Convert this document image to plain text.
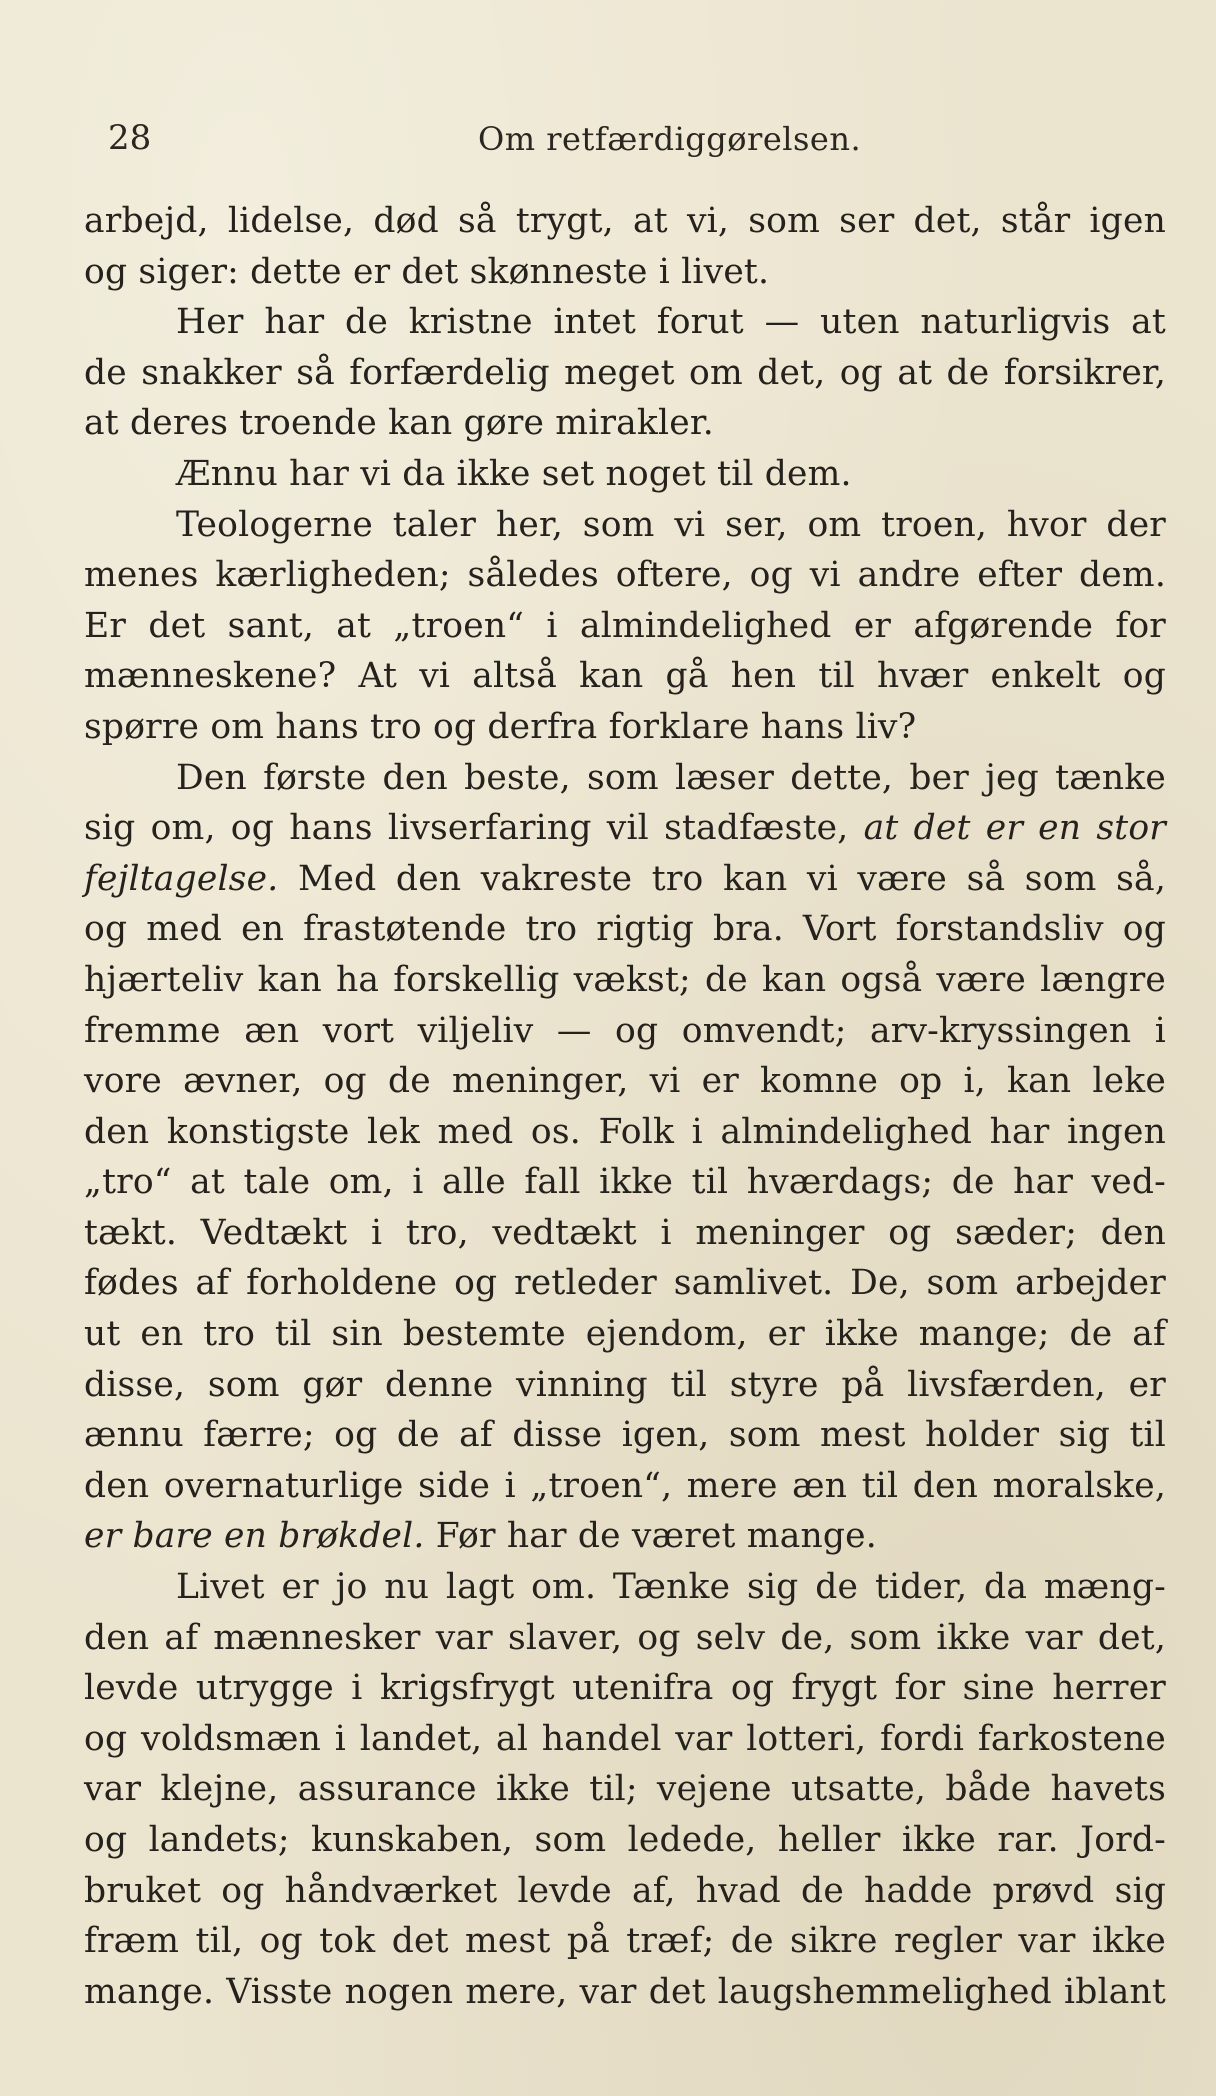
28	Om retfærdiggørelsen.
arbejd, lidelse, død så trygt, at vi, som ser det, står igen
og siger: dette er det skønneste i livet.
Her har de kristne intet forut — uten naturligvis at
de snakker så forfærdelig meget om det, og at de forsikrer,
at deres troende kan gøre mirakler.
Ænnu har vi da ikke set noget til dem.
Teologerne taler her, som vi ser, om troen, hvor der
menes kærligheden; således oftere, og vi andre efter dem.
Er det sant, at „troen“ i almindelighed er afgørende for
mænneskene? At vi altså kan gå hen til hvær enkelt og
spørre om hans tro og derfra forklare hans liv?
Den første den beste, som læser dette, ber jeg tænke
sig om, og hans livserfaring vil stadfæste, at det er en stor
fejltagelse. Med den vakreste tro kan vi være så som så,
og med en frastøtende tro rigtig bra. Vort forstandsliv og
hjærteliv kan ha forskellig vækst; de kan også være længre
fremme æn vort viljeliv — og omvendt; arv-kryssingen i
vore ævner, og de meninger, vi er komne op i, kan leke
den konstigste lek med os. Folk i almindelighed har ingen
„tro“ at tale om, i alle fall ikke til hværdags; de har ved-
tækt. Vedtækt i tro, vedtækt i meninger og sæder; den
fødes af forholdene og retleder samlivet. De, som arbejder
ut en tro til sin bestemte ejendom, er ikke mange; de af
disse, som gør denne vinning til styre på livsfærden, er
ænnu færre; og de af disse igen, som mest holder sig til
den overnaturlige side i „troen“, mere æn til den moralske,
er bare en brøkdel. Før har de været mange.
Livet er jo nu lagt om. Tænke sig de tider, da mæng-
den af mænnesker var slaver, og selv de, som ikke var det,
levde utrygge i krigsfrygt utenifra og frygt for sine herrer
og voldsmæn i landet, al handel var lotteri, fordi farkostene
var klejne, assurance ikke til; vejene utsatte, både havets
og landets; kunskaben, som ledede, heller ikke rar. Jord-
bruket og håndværket levde af, hvad de hadde prøvd sig
fræm til, og tok det mest på træf; de sikre regler var ikke
mange. Visste nogen mere, var det laugshemmelighed iblant
